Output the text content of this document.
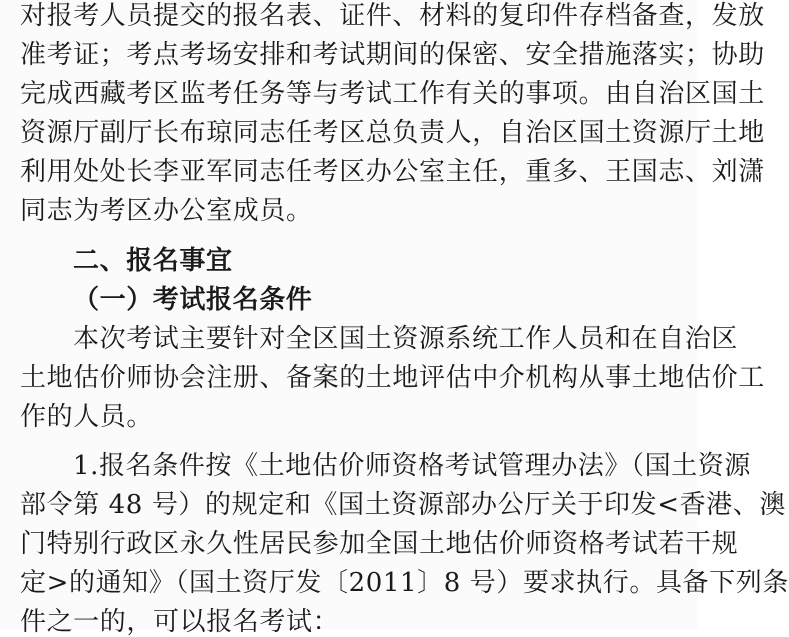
对报考人员提交的报名表、证件、材料的复印件存档备查，发放
准考证；考点考场安排和考试期间的保密、安全措施落实；协助
完成西藏考区监考任务等与考试工作有关的事项。由自治区国土
资源厅副厅长布琼同志任考区总负责人，自治区国土资源厅土地
利用处处长李亚军同志任考区办公室主任，重多、王国志、刘潇
同志为考区办公室成员。
二、报名事宜
（一）考试报名条件
本次考试主要针对全区国土资源系统工作人员和在自治区
土地估价师协会注册、备案的土地评估中介机构从事土地估价工
作的人员。
1.报名条件按《土地估价师资格考试管理办法》（国土资源
部令第 48 号）的规定和《国土资源部办公厅关于印发<香港、澳
门特别行政区永久性居民参加全国土地估价师资格考试若干规
定>的通知》（国土资厅发〔2011〕8 号）要求执行。具备下列条
件之一的，可以报名考试：
